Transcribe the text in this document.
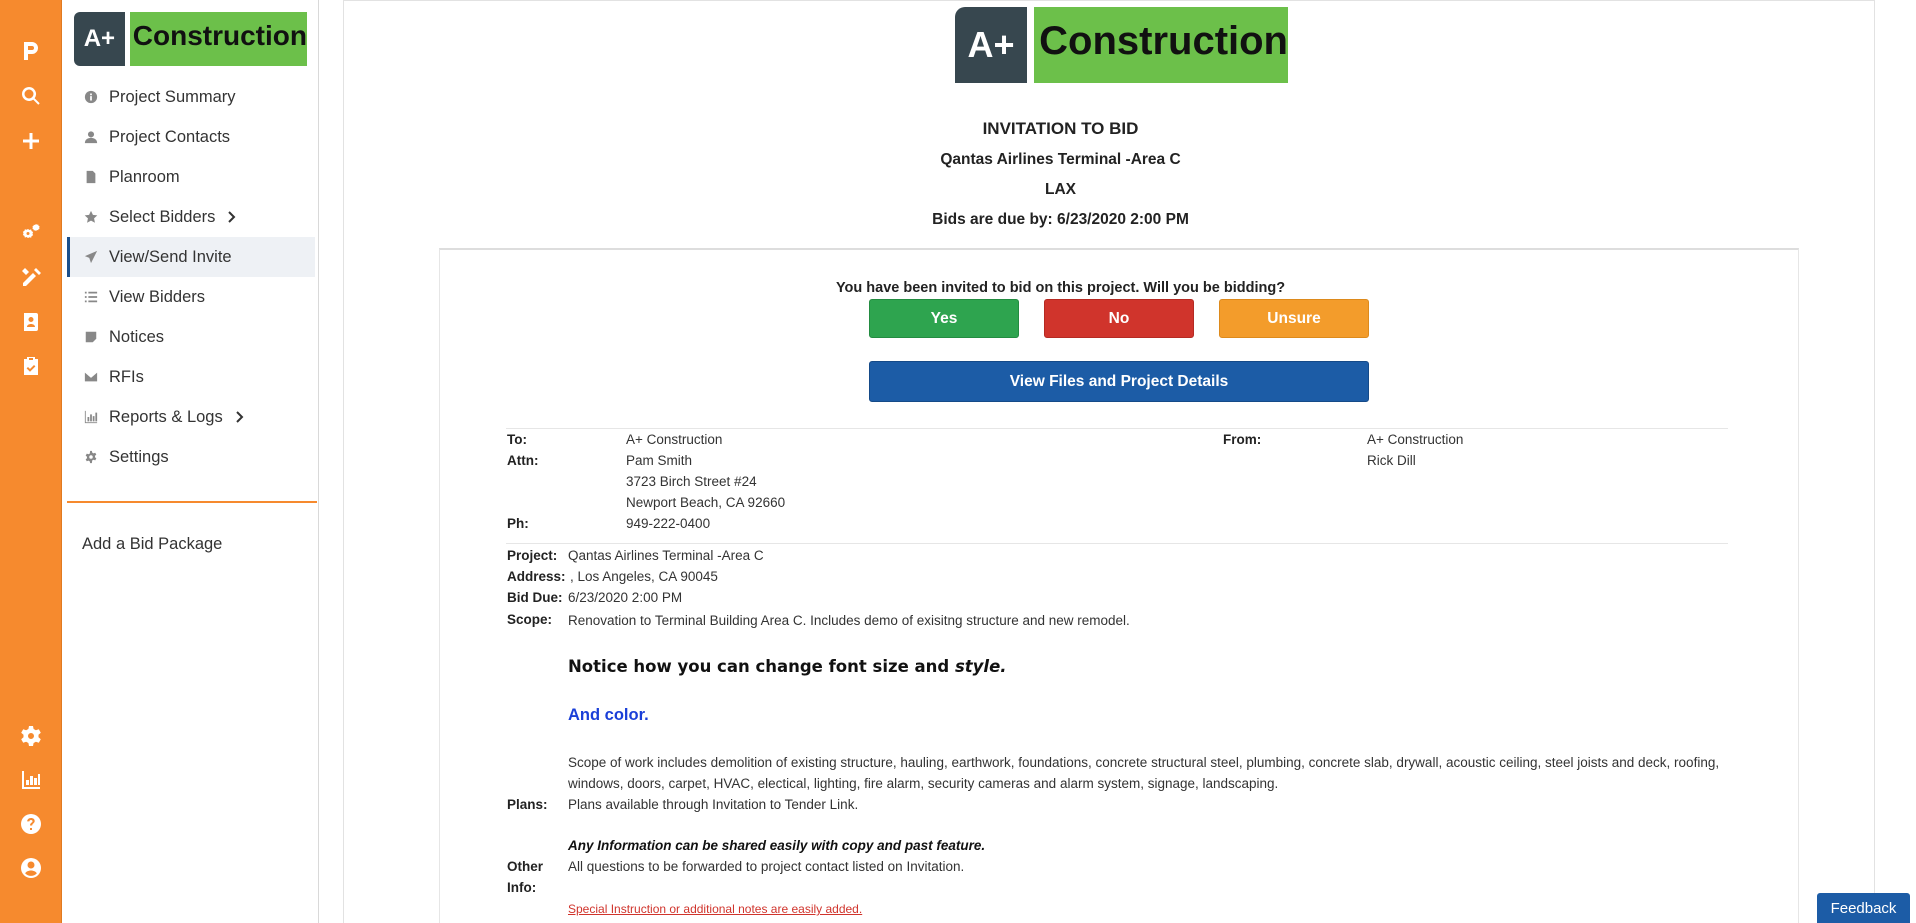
A+ Construction
Project Summary
Project Contacts
Planroom
Select Bidders
View/Send Invite
View Bidders
Notices
RFIs
Reports & Logs
Settings
Add a Bid Package
A+ Construction
INVITATION TO BID
Qantas Airlines Terminal -Area C
LAX
Bids are due by: 6/23/2020 2:00 PM
You have been invited to bid on this project. Will you be bidding?
Yes	No	Unsure
View Files and Project Details
To:	A+ Construction
Attn:	Pam Smith
3723 Birch Street #24
Newport Beach, CA 92660
Ph:	949-222-0400
From:	A+ Construction
Rick Dill
Project: Qantas Airlines Terminal -Area C
Address: , Los Angeles, CA 90045
Bid Due: 6/23/2020 2:00 PM
Scope: Renovation to Terminal Building Area C. Includes demo of exisitng structure and new remodel.
Notice how you can change font size and style.
And color.
Scope of work includes demolition of existing structure, hauling, earthwork, foundations, concrete structural steel, plumbing, concrete slab, drywall, acoustic ceiling, steel joists and deck, roofing, windows, doors, carpet, HVAC, electical, lighting, fire alarm, security cameras and alarm system, signage, landscaping.
Plans: Plans available through Invitation to Tender Link.
Any Information can be shared easily with copy and past feature.
Other
Info:
All questions to be forwarded to project contact listed on Invitation.
Special Instruction or additional notes are easily added.	Feedback
